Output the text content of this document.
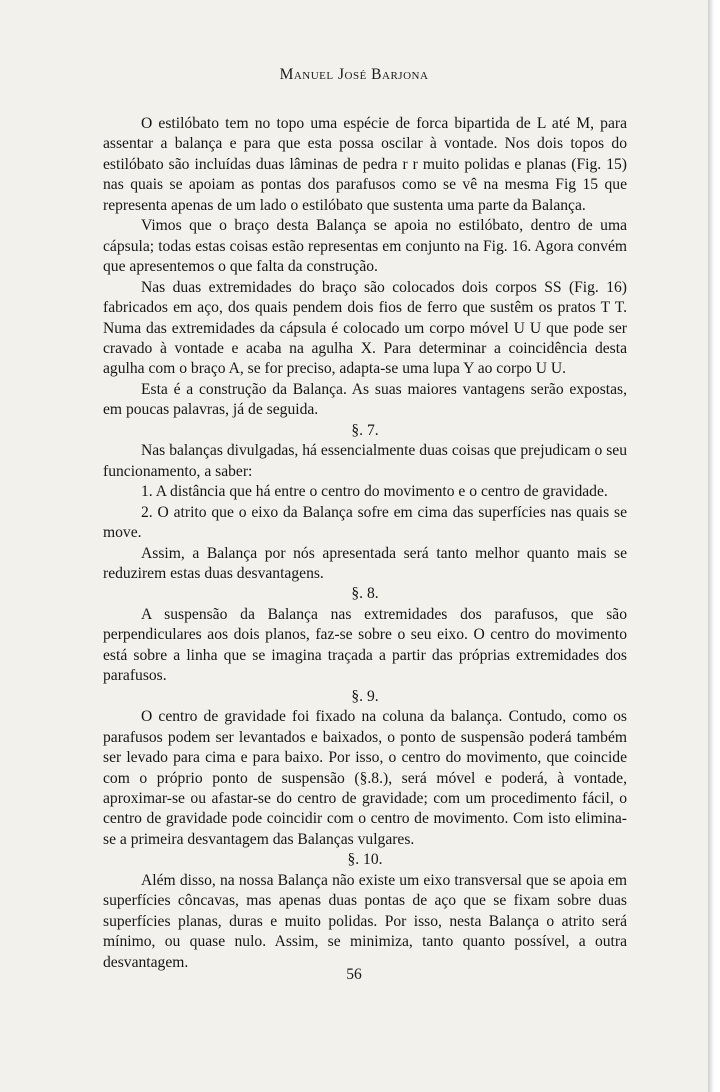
Manuel José Barjona

O estilóbato tem no topo uma espécie de forca bipartida de L até M, para assentar a balança e para que esta possa oscilar à vontade. Nos dois topos do estilóbato são incluídas duas lâminas de pedra r r muito polidas e planas (Fig. 15) nas quais se apoiam as pontas dos parafusos como se vê na mesma Fig 15 que representa apenas de um lado o estilóbato que sustenta uma parte da Balança.

Vimos que o braço desta Balança se apoia no estilóbato, dentro de uma cápsula; todas estas coisas estão representas em conjunto na Fig. 16. Agora convém que apresentemos o que falta da construção.

Nas duas extremidades do braço são colocados dois corpos SS (Fig. 16) fabricados em aço, dos quais pendem dois fios de ferro que sustêm os pratos T T. Numa das extremidades da cápsula é colocado um corpo móvel U U que pode ser cravado à vontade e acaba na agulha X. Para determinar a coincidência desta agulha com o braço A, se for preciso, adapta-se uma lupa Y ao corpo U U.

Esta é a construção da Balança. As suas maiores vantagens serão expostas, em poucas palavras, já de seguida.

§. 7.

Nas balanças divulgadas, há essencialmente duas coisas que prejudicam o seu funcionamento, a saber:

1. A distância que há entre o centro do movimento e o centro de gravidade.

2. O atrito que o eixo da Balança sofre em cima das superfícies nas quais se move.

Assim, a Balança por nós apresentada será tanto melhor quanto mais se reduzirem estas duas desvantagens.

§. 8.

A suspensão da Balança nas extremidades dos parafusos, que são perpendiculares aos dois planos, faz-se sobre o seu eixo. O centro do movimento está sobre a linha que se imagina traçada a partir das próprias extremidades dos parafusos.

§. 9.

O centro de gravidade foi fixado na coluna da balança. Contudo, como os parafusos podem ser levantados e baixados, o ponto de suspensão poderá também ser levado para cima e para baixo. Por isso, o centro do movimento, que coincide com o próprio ponto de suspensão (§.8.), será móvel e poderá, à vontade, aproximar-se ou afastar-se do centro de gravidade; com um procedimento fácil, o centro de gravidade pode coincidir com o centro de movimento. Com isto elimina-se a primeira desvantagem das Balanças vulgares.

§. 10.

Além disso, na nossa Balança não existe um eixo transversal que se apoia em superfícies côncavas, mas apenas duas pontas de aço que se fixam sobre duas superfícies planas, duras e muito polidas. Por isso, nesta Balança o atrito será mínimo, ou quase nulo. Assim, se minimiza, tanto quanto possível, a outra desvantagem.

56
